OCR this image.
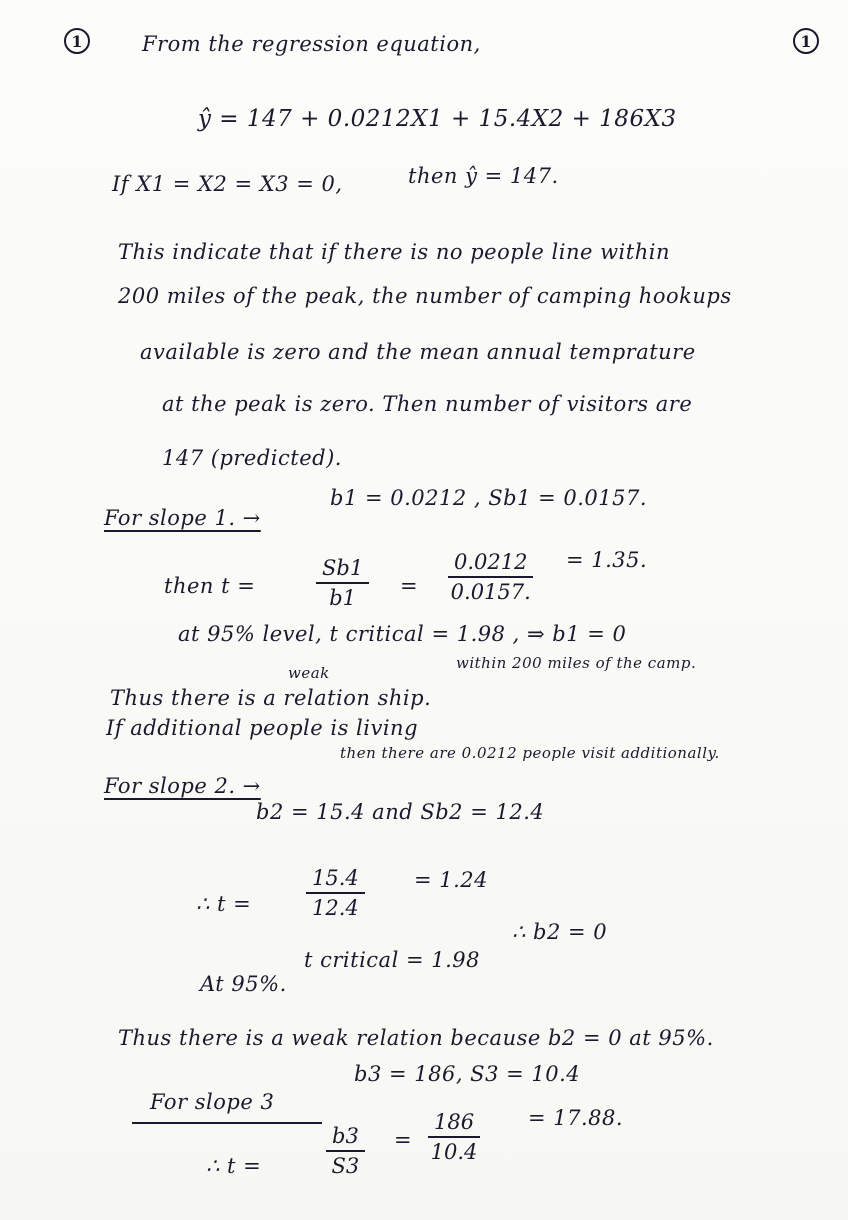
1	1
From the regression equation,
ŷ = 147 + 0.0212X1 + 15.4X2 + 186X3
If X1 = X2 = X3 = 0,	then ŷ = 147.
This indicate that if there is no people line within
200 miles of the peak, the number of camping hookups
available is zero and the mean annual temprature
at the peak is zero. Then number of visitors are
147 (predicted).
For slope 1. →
b1 = 0.0212 , Sb1 = 0.0157.
then t =	$\frac{Sb1}{b1} = \frac{0.0212}{0.0157.} = 1.35$.
at 95% level, t critical = 1.98 , ⇒ b1 = 0
weak
Thus there is a relation ship.
within 200 miles of the camp.
If additional people is living
then there are 0.0212 people visit additionally.
For slope 2. →
b2 = 15.4 and Sb2 = 12.4
∴ t =	$\frac{15.4}{12.4} = 1.24$
At 95%.
t critical = 1.98
∴ b2 = 0
Thus there is a weak relation because b2 = 0 at 95%.
For slope 3
b3 = 186, S3 = 10.4
∴ t =	$\frac{b3}{S3} = \frac{186}{10.4} = 17.88$.
